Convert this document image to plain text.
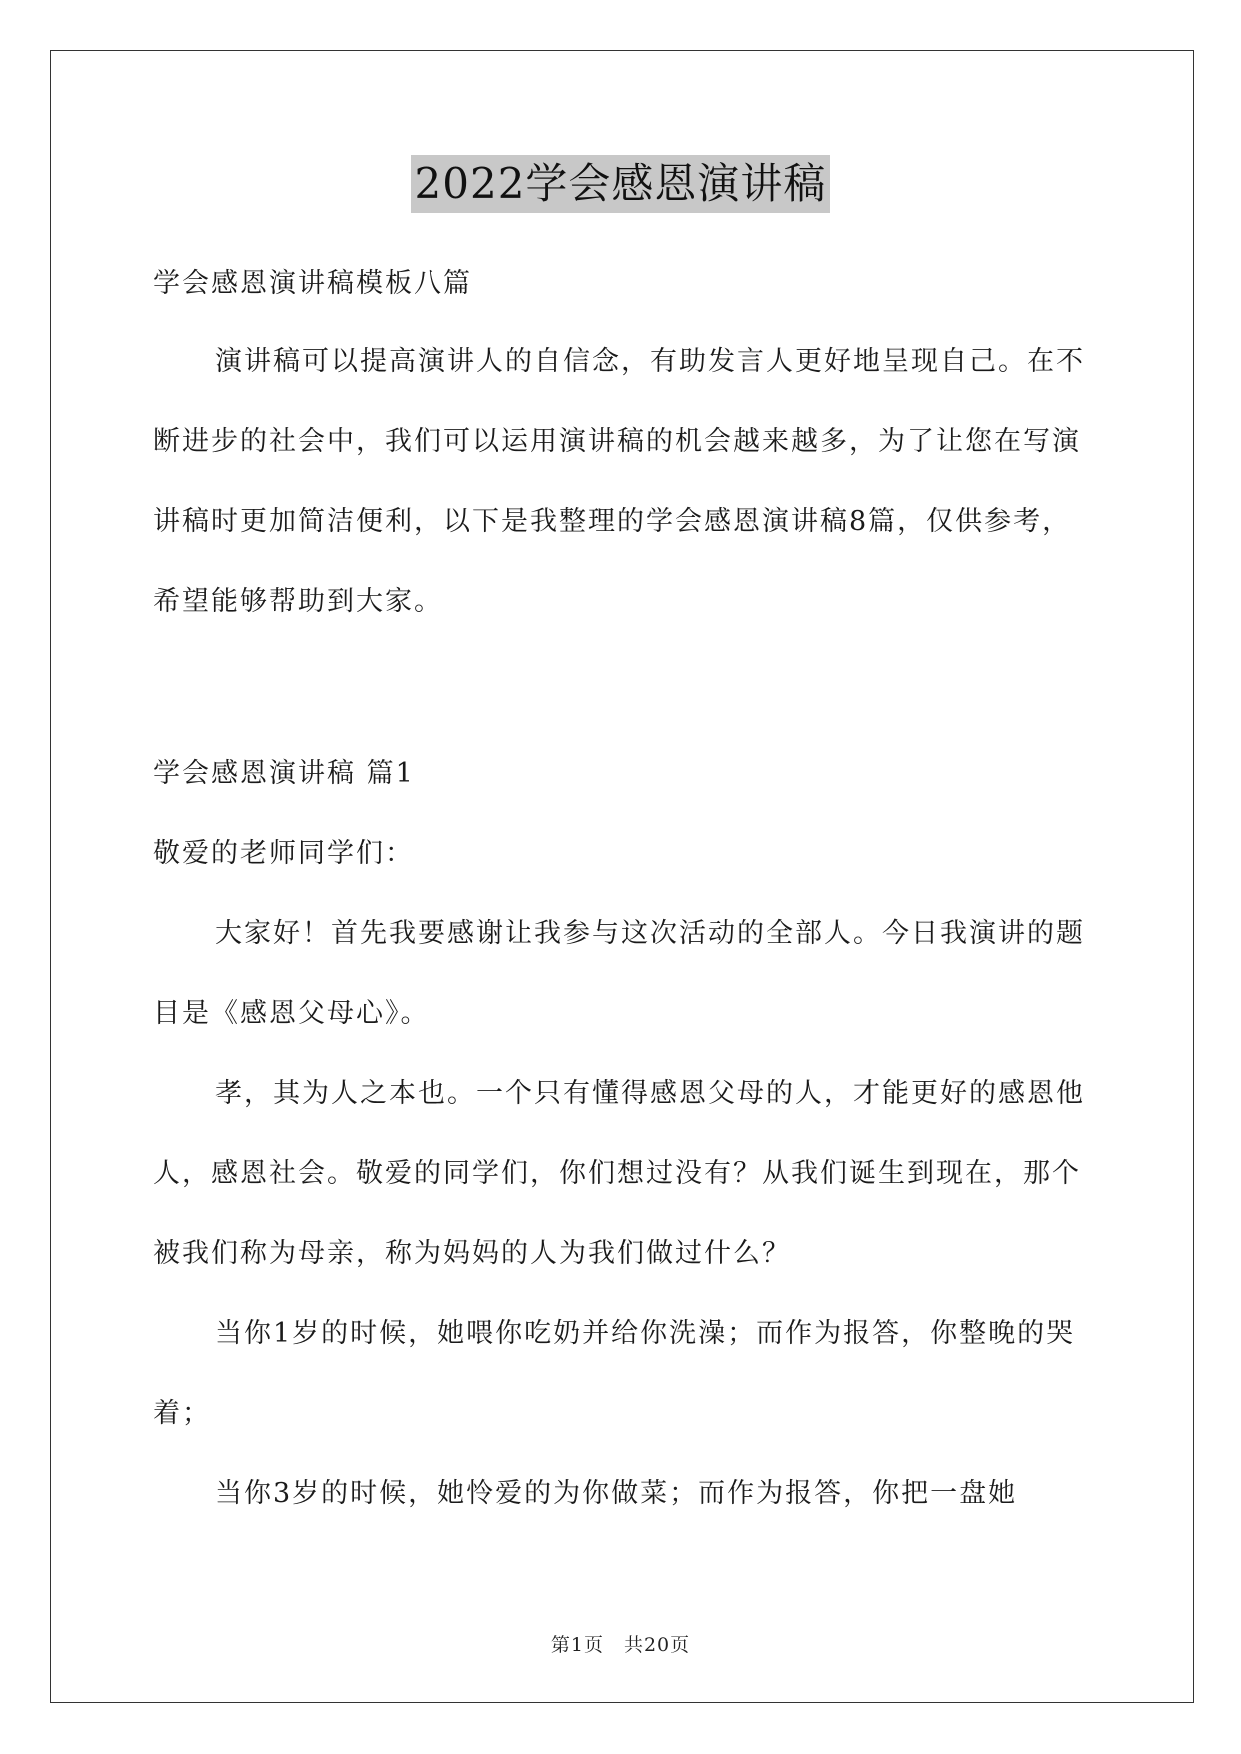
2022学会感恩演讲稿

学会感恩演讲稿模板八篇

演讲稿可以提高演讲人的自信念，有助发言人更好地呈现自己。在不断进步的社会中，我们可以运用演讲稿的机会越来越多，为了让您在写演讲稿时更加简洁便利，以下是我整理的学会感恩演讲稿8篇，仅供参考，希望能够帮助到大家。

学会感恩演讲稿 篇1

敬爱的老师同学们：

大家好！首先我要感谢让我参与这次活动的全部人。今日我演讲的题目是《感恩父母心》。

孝，其为人之本也。一个只有懂得感恩父母的人，才能更好的感恩他人，感恩社会。敬爱的同学们，你们想过没有？从我们诞生到现在，那个被我们称为母亲，称为妈妈的人为我们做过什么？

当你1岁的时候，她喂你吃奶并给你洗澡；而作为报答，你整晚的哭着；

当你3岁的时候，她怜爱的为你做菜；而作为报答，你把一盘她

第1页 共20页
